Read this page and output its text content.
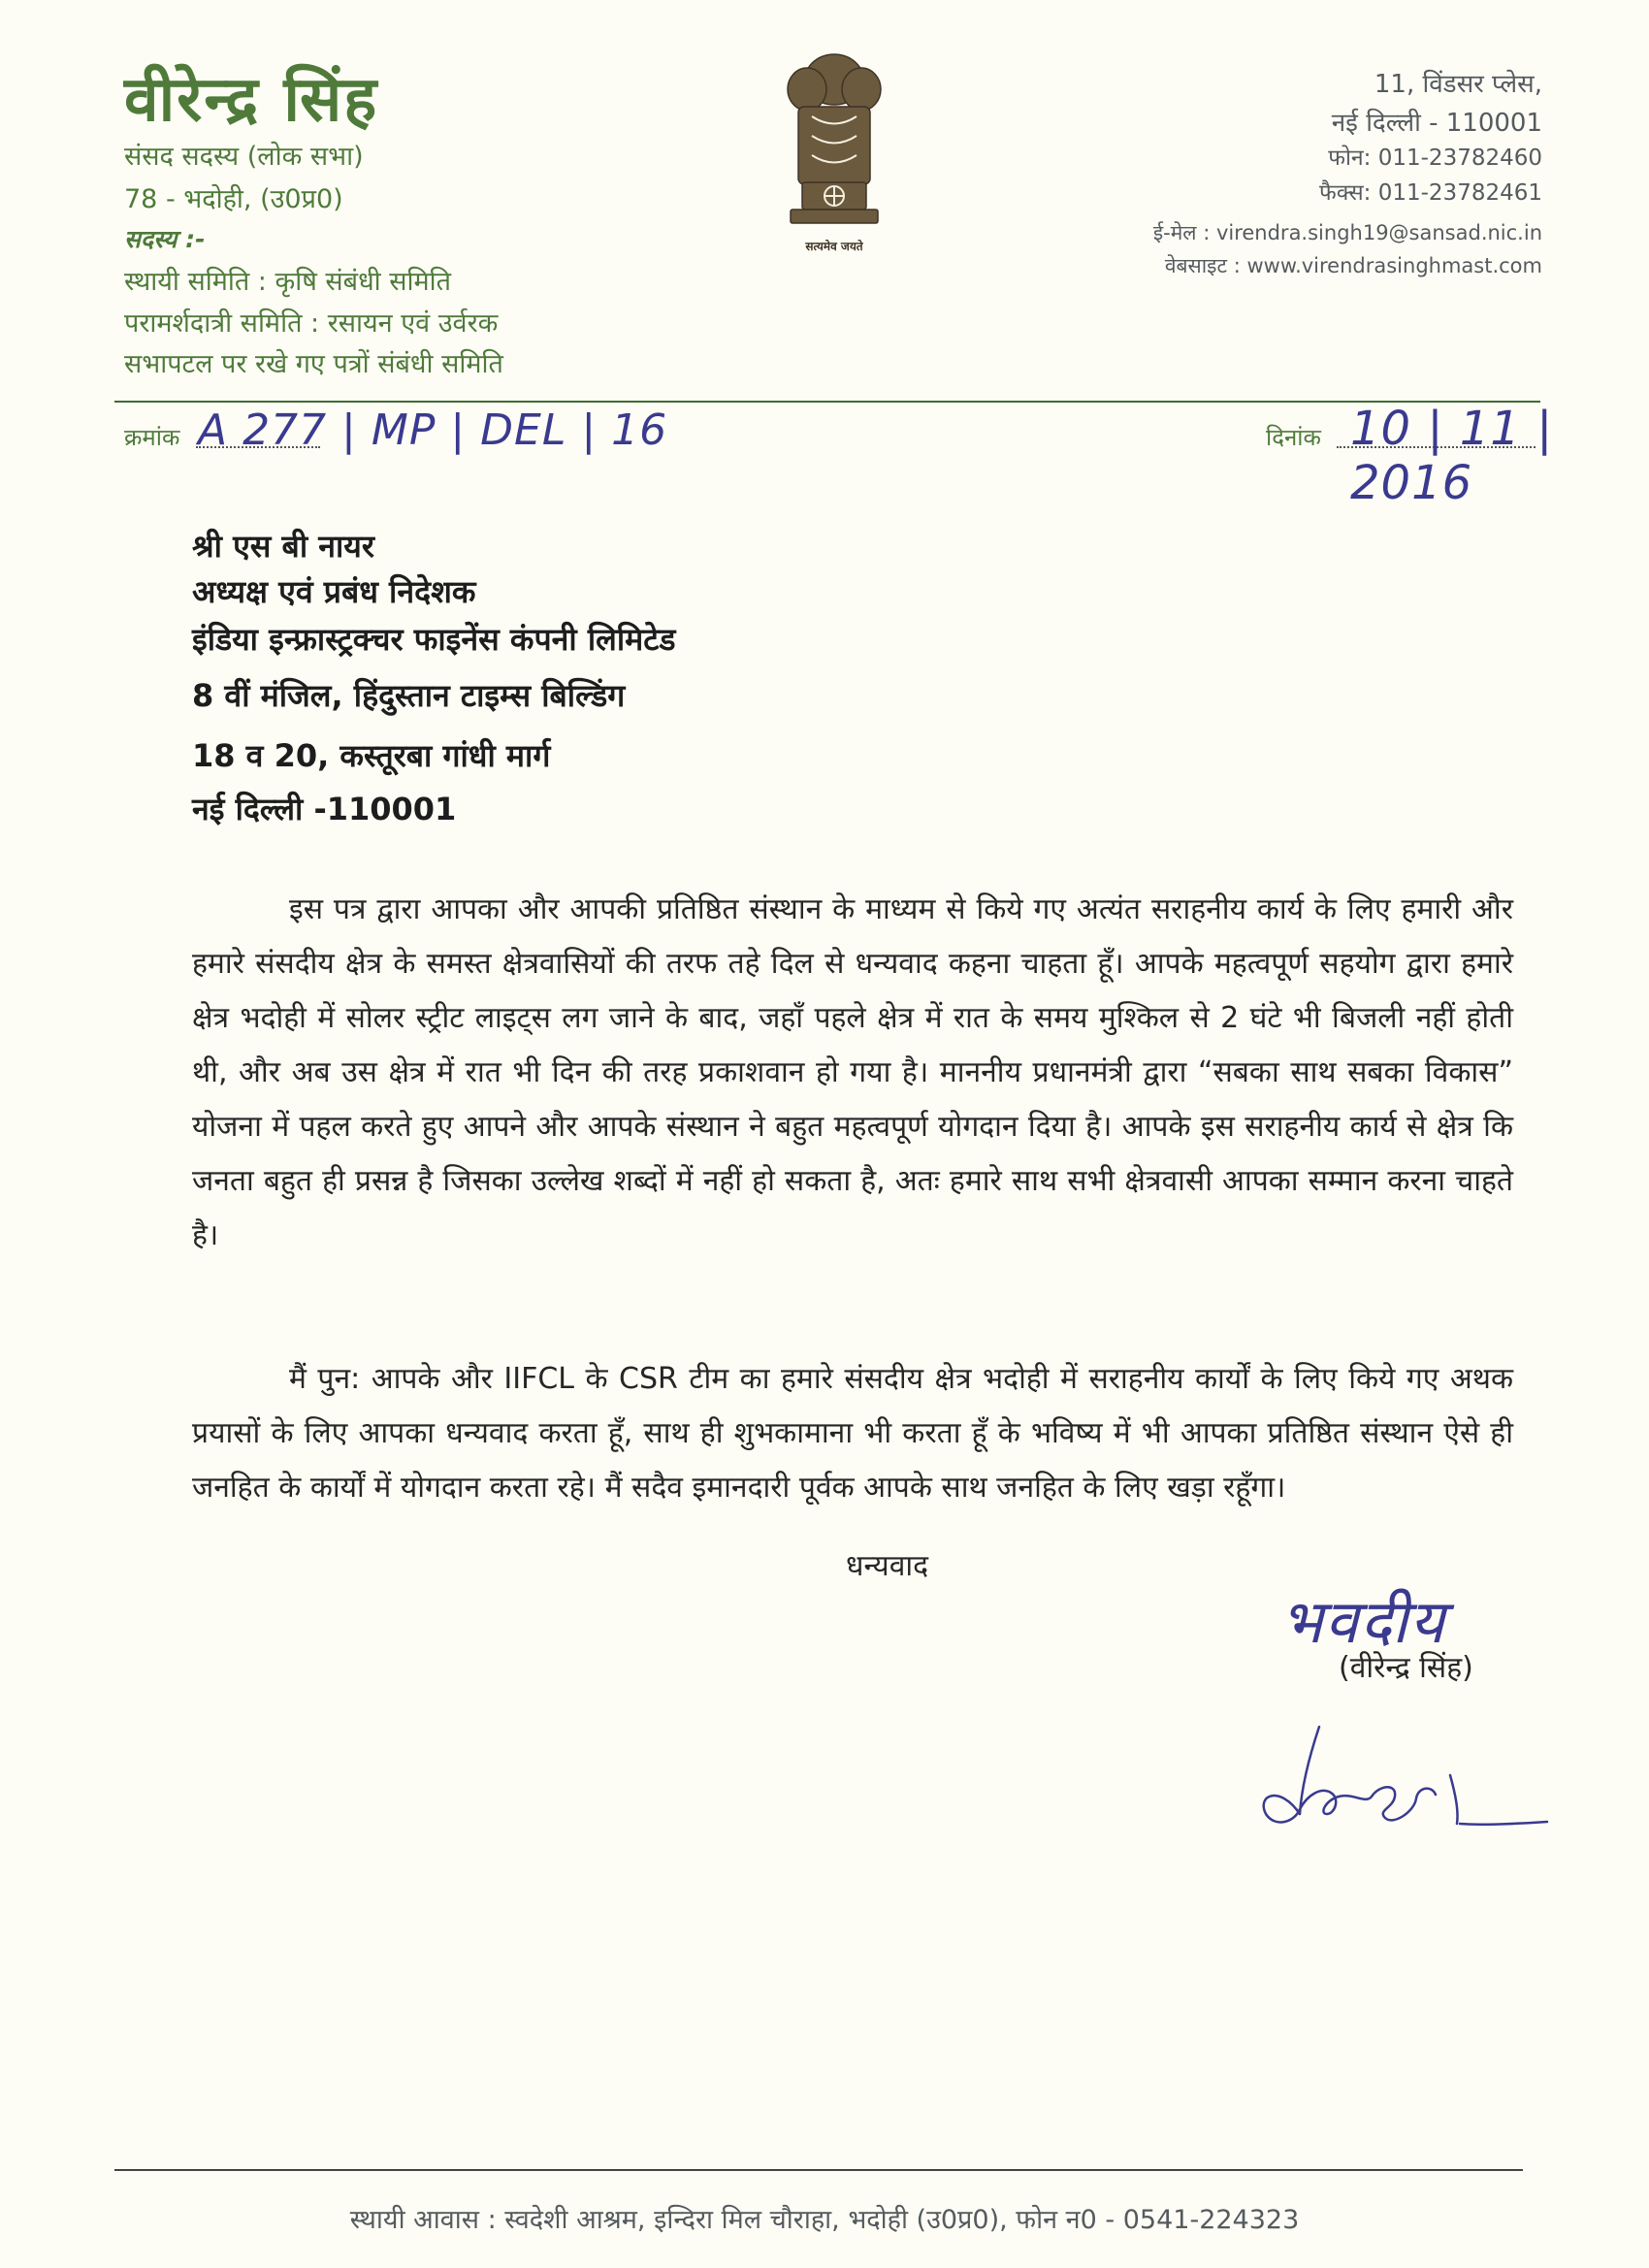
वीरेन्द्र सिंह
संसद सदस्य (लोक सभा)
78 - भदोही, (उ0प्र0)
सदस्य :-
स्थायी समिति : कृषि संबंधी समिति
परामर्शदात्री समिति : रसायन एवं उर्वरक
सभापटल पर रखे गए पत्रों संबंधी समिति
सत्यमेव जयते
11, विंडसर प्लेस,
नई दिल्ली - 110001
फोन: 011-23782460
फैक्स: 011-23782461
ई-मेल : virendra.singh19@sansad.nic.in
वेबसाइट : www.virendrasinghmast.com
क्रमांक A 277 | MP | DEL | 16	दिनांक 10 | 11 | 2016
श्री एस बी नायर
अध्यक्ष एवं प्रबंध निदेशक
इंडिया इन्फ्रास्ट्रक्चर फाइनेंस कंपनी लिमिटेड
8 वीं मंजिल, हिंदुस्तान टाइम्स बिल्डिंग
18 व 20, कस्तूरबा गांधी मार्ग
नई दिल्ली -110001
इस पत्र द्वारा आपका और आपकी प्रतिष्ठित संस्थान के माध्यम से किये गए अत्यंत सराहनीय कार्य के लिए हमारी और हमारे संसदीय क्षेत्र के समस्त क्षेत्रवासियों की तरफ तहे दिल से धन्यवाद कहना चाहता हूँ। आपके महत्वपूर्ण सहयोग द्वारा हमारे क्षेत्र भदोही में सोलर स्ट्रीट लाइट्स लग जाने के बाद, जहाँ पहले क्षेत्र में रात के समय मुश्किल से 2 घंटे भी बिजली नहीं होती थी, और अब उस क्षेत्र में रात भी दिन की तरह प्रकाशवान हो गया है। माननीय प्रधानमंत्री द्वारा “सबका साथ सबका विकास” योजना में पहल करते हुए आपने और आपके संस्थान ने बहुत महत्वपूर्ण योगदान दिया है। आपके इस सराहनीय कार्य से क्षेत्र कि जनता बहुत ही प्रसन्न है जिसका उल्लेख शब्दों में नहीं हो सकता है, अतः हमारे साथ सभी क्षेत्रवासी आपका सम्मान करना चाहते है।
मैं पुन: आपके और IIFCL के CSR टीम का हमारे संसदीय क्षेत्र भदोही में सराहनीय कार्यों के लिए किये गए अथक प्रयासों के लिए आपका धन्यवाद करता हूँ, साथ ही शुभकामाना भी करता हूँ के भविष्य में भी आपका प्रतिष्ठित संस्थान ऐसे ही जनहित के कार्यों में योगदान करता रहे। मैं सदैव इमानदारी पूर्वक आपके साथ जनहित के लिए खड़ा रहूँगा।
धन्यवाद
भवदीय
(वीरेन्द्र सिंह)
स्थायी आवास : स्वदेशी आश्रम, इन्दिरा मिल चौराहा, भदोही (उ0प्र0), फोन न0 - 0541-224323
